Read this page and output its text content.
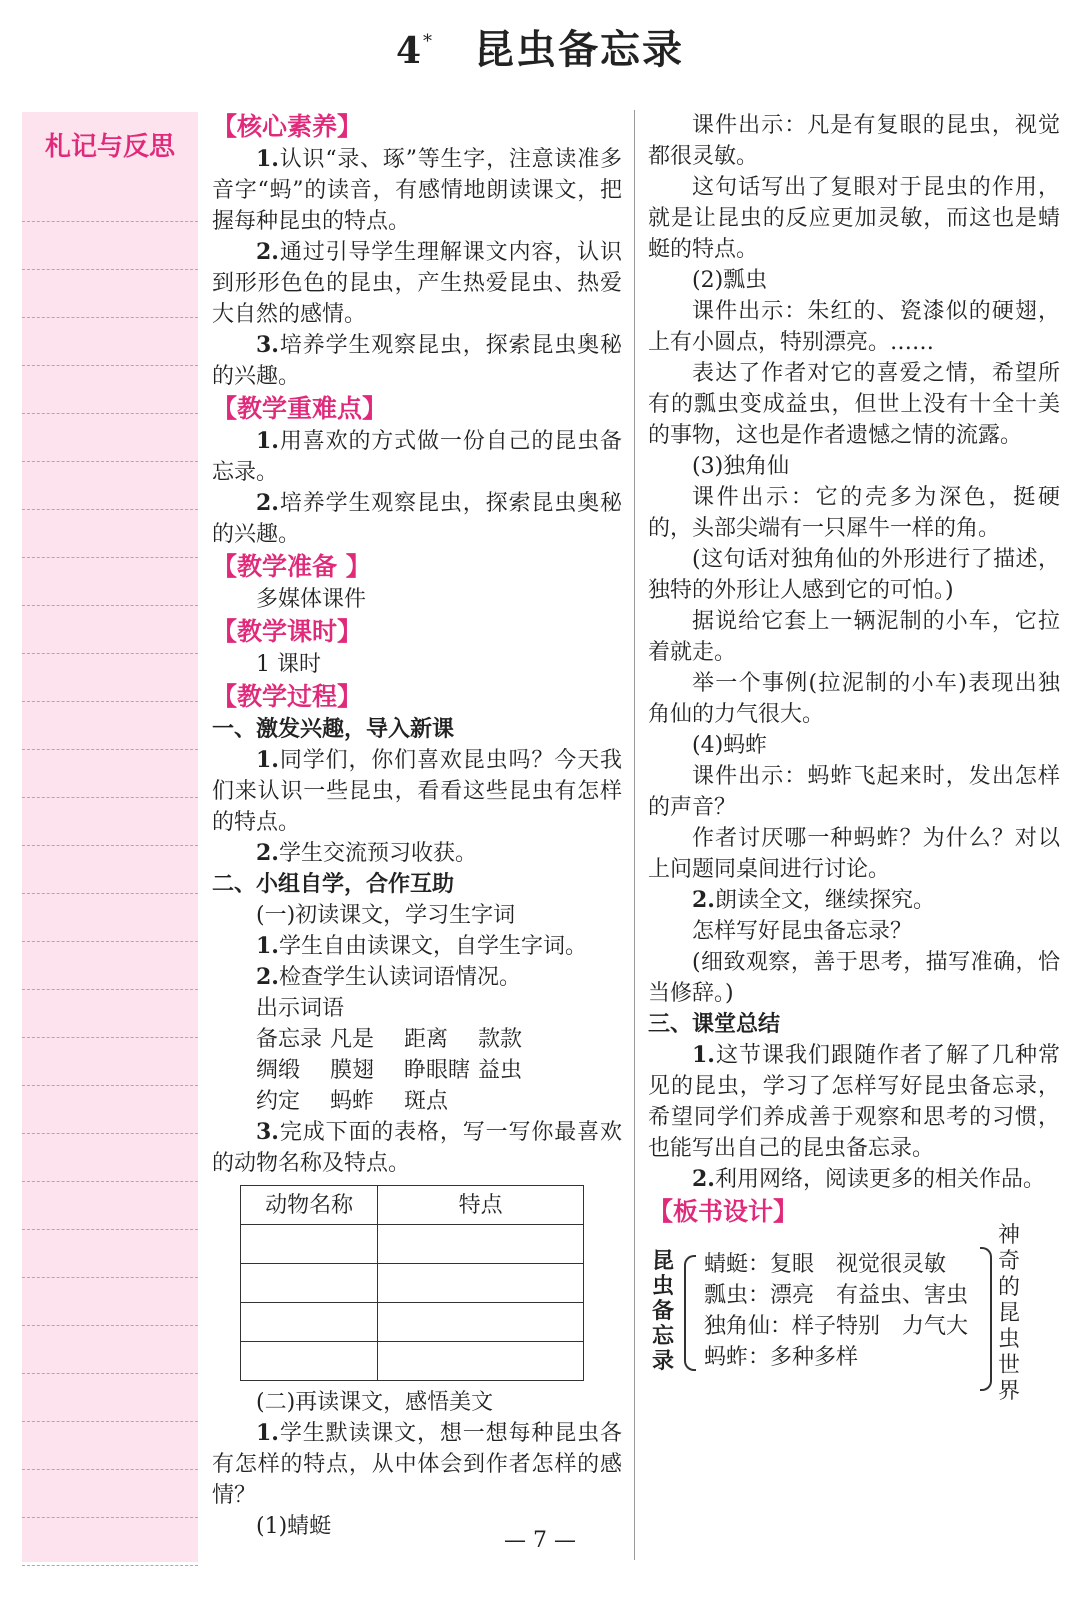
4* 昆虫备忘录
札记与反思
【核心素养】
1.认识“录、琢”等生字，注意读准多音字“蚂”的读音，有感情地朗读课文，把握每种昆虫的特点。
2.通过引导学生理解课文内容，认识到形形色色的昆虫，产生热爱昆虫、热爱大自然的感情。
3.培养学生观察昆虫，探索昆虫奥秘的兴趣。
【教学重难点】
1.用喜欢的方式做一份自己的昆虫备忘录。
2.培养学生观察昆虫，探索昆虫奥秘的兴趣。
【教学准备 】
多媒体课件
【教学课时】
1 课时
【教学过程】
一、激发兴趣，导入新课
1.同学们，你们喜欢昆虫吗？今天我们来认识一些昆虫，看看这些昆虫有怎样的特点。
2.学生交流预习收获。
二、小组自学，合作互助
(一)初读课文，学习生字词
1.学生自由读课文，自学生字词。
2.检查学生认读词语情况。
出示词语
备忘录 凡是 距离 款款
绸缎 膜翅 睁眼瞎 益虫
约定 蚂蚱 斑点
3.完成下面的表格，写一写你最喜欢的动物名称及特点。
动物名称	特点

(二)再读课文，感悟美文
1.学生默读课文，想一想每种昆虫各有怎样的特点，从中体会到作者怎样的感情？
(1)蜻蜓
课件出示：凡是有复眼的昆虫，视觉都很灵敏。
这句话写出了复眼对于昆虫的作用，就是让昆虫的反应更加灵敏，而这也是蜻蜓的特点。
(2)瓢虫
课件出示：朱红的、瓷漆似的硬翅，上有小圆点，特别漂亮。……
表达了作者对它的喜爱之情，希望所有的瓢虫变成益虫，但世上没有十全十美的事物，这也是作者遗憾之情的流露。
(3)独角仙
课件出示：它的壳多为深色，挺硬的，头部尖端有一只犀牛一样的角。
(这句话对独角仙的外形进行了描述，独特的外形让人感到它的可怕。)
据说给它套上一辆泥制的小车，它拉着就走。
举一个事例(拉泥制的小车)表现出独角仙的力气很大。
(4)蚂蚱
课件出示：蚂蚱飞起来时，发出怎样的声音？
作者讨厌哪一种蚂蚱？为什么？对以上问题同桌间进行讨论。
2.朗读全文，继续探究。
怎样写好昆虫备忘录？
(细致观察，善于思考，描写准确，恰当修辞。)
三、课堂总结
1.这节课我们跟随作者了解了几种常见的昆虫，学习了怎样写好昆虫备忘录，希望同学们养成善于观察和思考的习惯，也能写出自己的昆虫备忘录。
2.利用网络，阅读更多的相关作品。
【板书设计】
昆虫备忘录
蜻蜓：复眼　视觉很灵敏
瓢虫：漂亮　有益虫、害虫
独角仙：样子特别　力气大
蚂蚱：多种多样
神奇的昆虫世界
— 7 —
